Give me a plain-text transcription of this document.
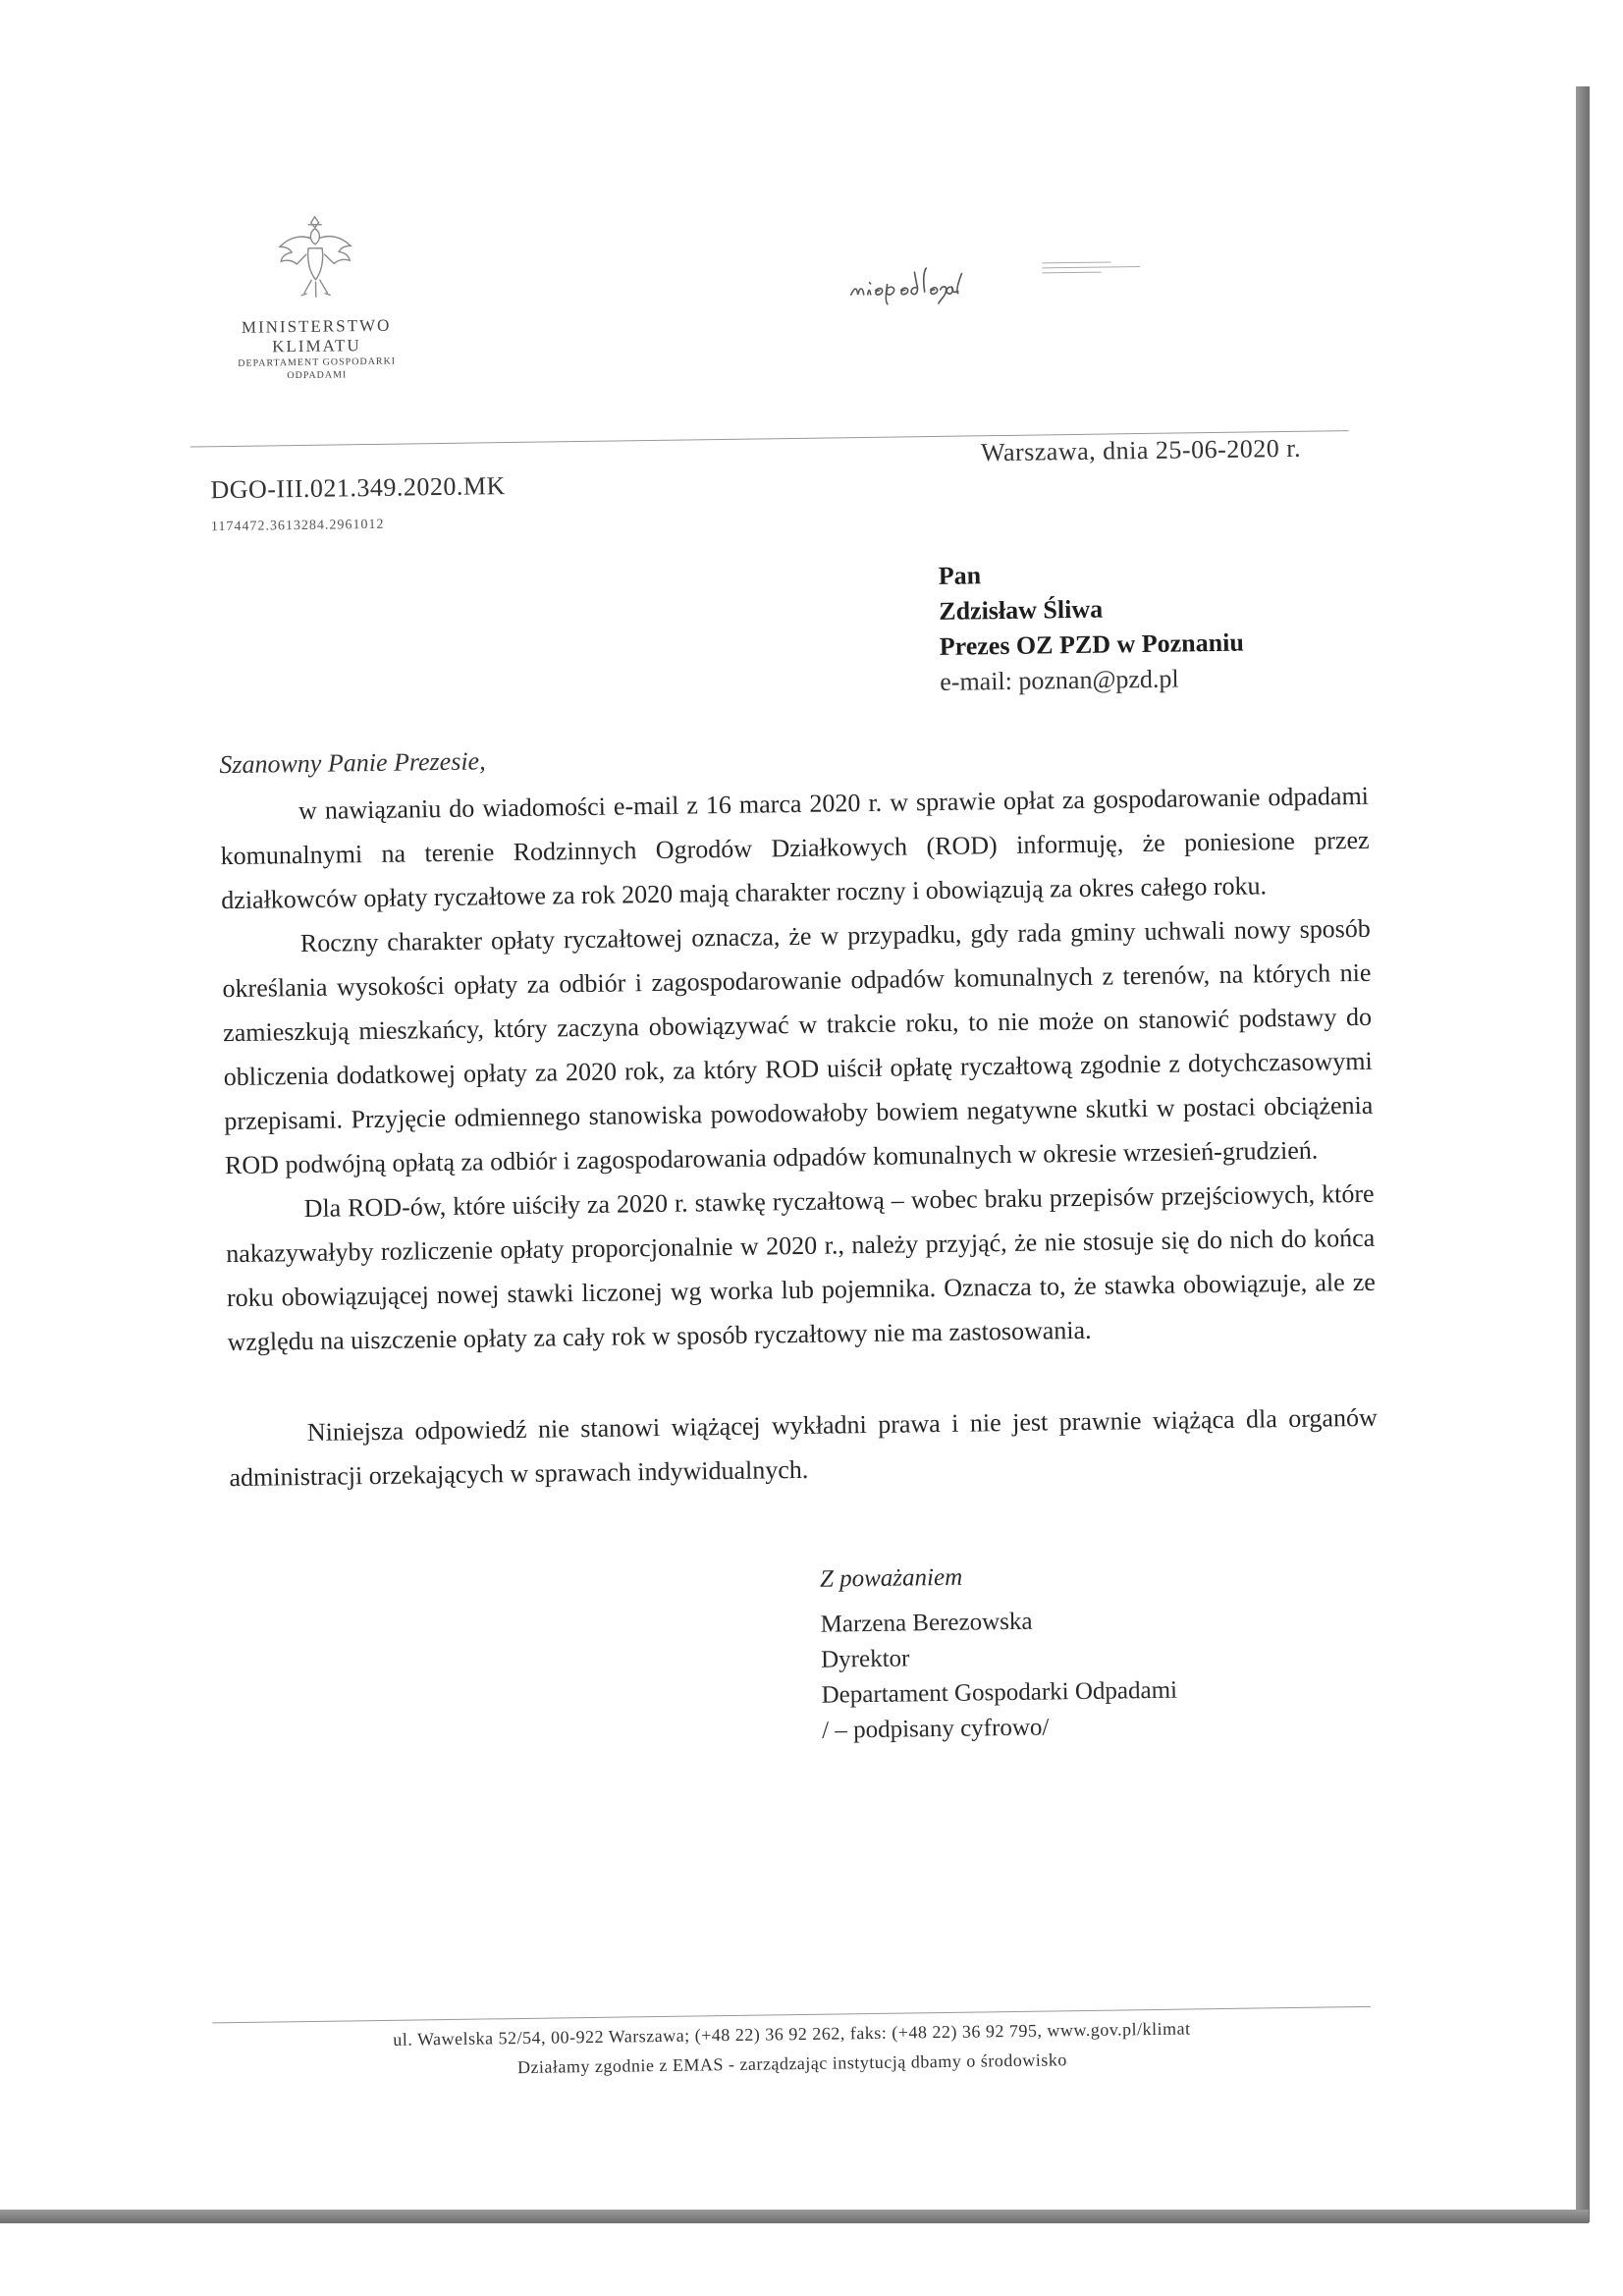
MINISTERSTWO
KLIMATU
DEPARTAMENT GOSPODARKI
ODPADAMI
Warszawa, dnia 25-06-2020 r.
DGO-III.021.349.2020.MK
1174472.3613284.2961012
Pan
Zdzisław Śliwa
Prezes OZ PZD w Poznaniu
e-mail: poznan@pzd.pl
Szanowny Panie Prezesie,

w nawiązaniu do wiadomości e-mail z 16 marca 2020 r. w sprawie opłat za gospodarowanie odpadami komunalnymi na terenie Rodzinnych Ogrodów Działkowych (ROD) informuję, że poniesione przez działkowców opłaty ryczałtowe za rok 2020 mają charakter roczny i obowiązują za okres całego roku.

Roczny charakter opłaty ryczałtowej oznacza, że w przypadku, gdy rada gminy uchwali nowy sposób określania wysokości opłaty za odbiór i zagospodarowanie odpadów komunalnych z terenów, na których nie zamieszkują mieszkańcy, który zaczyna obowiązywać w trakcie roku, to nie może on stanowić podstawy do obliczenia dodatkowej opłaty za 2020 rok, za który ROD uiścił opłatę ryczałtową zgodnie z dotychczasowymi przepisami. Przyjęcie odmiennego stanowiska powodowałoby bowiem negatywne skutki w postaci obciążenia ROD podwójną opłatą za odbiór i zagospodarowania odpadów komunalnych w okresie wrzesień-grudzień.

Dla ROD-ów, które uiściły za 2020 r. stawkę ryczałtową – wobec braku przepisów przejściowych, które nakazywałyby rozliczenie opłaty proporcjonalnie w 2020 r., należy przyjąć, że nie stosuje się do nich do końca roku obowiązującej nowej stawki liczonej wg worka lub pojemnika. Oznacza to, że stawka obowiązuje, ale ze względu na uiszczenie opłaty za cały rok w sposób ryczałtowy nie ma zastosowania.

Niniejsza odpowiedź nie stanowi wiążącej wykładni prawa i nie jest prawnie wiążąca dla organów administracji orzekających w sprawach indywidualnych.

Z poważaniem
Marzena Berezowska
Dyrektor
Departament Gospodarki Odpadami
/ – podpisany cyfrowo/
ul. Wawelska 52/54, 00-922 Warszawa; (+48 22) 36 92 262, faks: (+48 22) 36 92 795, www.gov.pl/klimat
Działamy zgodnie z EMAS - zarządzając instytucją dbamy o środowisko
